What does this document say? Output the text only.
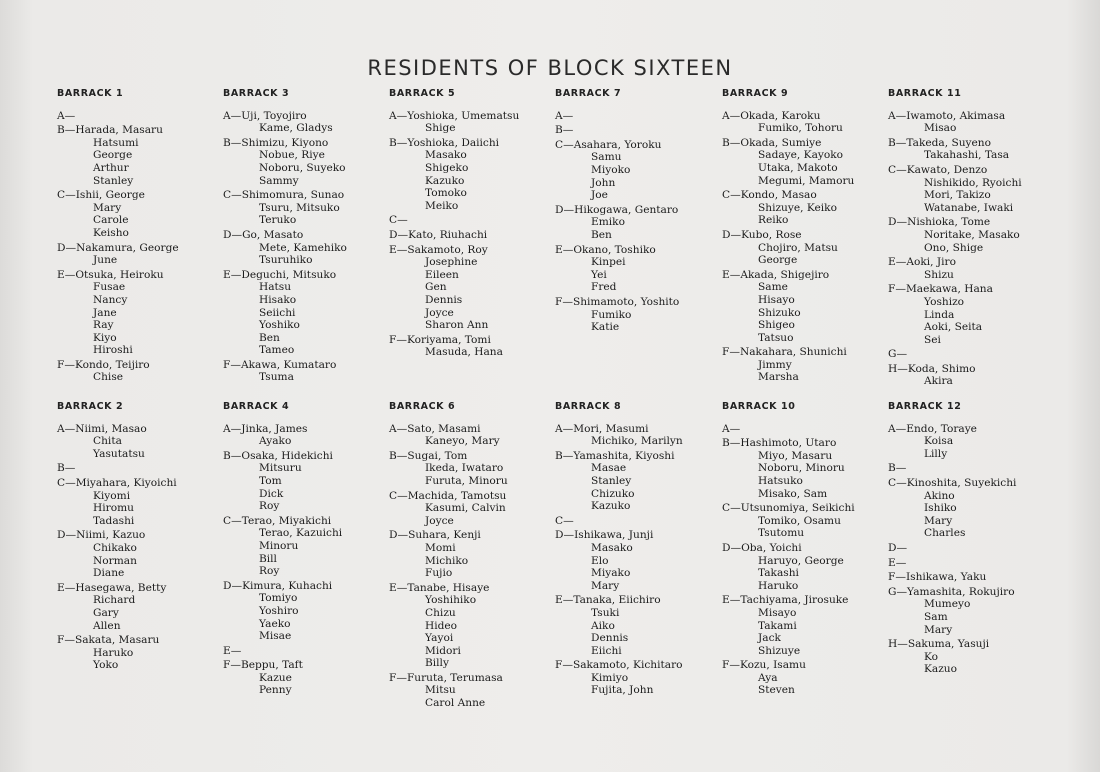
RESIDENTS OF BLOCK SIXTEEN
BARRACK 1
A—
B—Harada, Masaru
Hatsumi
George
Arthur
Stanley
C—Ishii, George
Mary
Carole
Keisho
D—Nakamura, George
June
E—Otsuka, Heiroku
Fusae
Nancy
Jane
Ray
Kiyo
Hiroshi
F—Kondo, Teijiro
Chise
BARRACK 3
A—Uji, Toyojiro
Kame, Gladys
B—Shimizu, Kiyono
Nobue, Riye
Noboru, Suyeko
Sammy
C—Shimomura, Sunao
Tsuru, Mitsuko
Teruko
D—Go, Masato
Mete, Kamehiko
Tsuruhiko
E—Deguchi, Mitsuko
Hatsu
Hisako
Seiichi
Yoshiko
Ben
Tameo
F—Akawa, Kumataro
Tsuma
BARRACK 5
A—Yoshioka, Umematsu
Shige
B—Yoshioka, Daiichi
Masako
Shigeko
Kazuko
Tomoko
Meiko
C—
D—Kato, Riuhachi
E—Sakamoto, Roy
Josephine
Eileen
Gen
Dennis
Joyce
Sharon Ann
F—Koriyama, Tomi
Masuda, Hana
BARRACK 7
A—
B—
C—Asahara, Yoroku
Samu
Miyoko
John
Joe
D—Hikogawa, Gentaro
Emiko
Ben
E—Okano, Toshiko
Kinpei
Yei
Fred
F—Shimamoto, Yoshito
Fumiko
Katie
BARRACK 9
A—Okada, Karoku
Fumiko, Tohoru
B—Okada, Sumiye
Sadaye, Kayoko
Utaka, Makoto
Megumi, Mamoru
C—Kondo, Masao
Shizuye, Keiko
Reiko
D—Kubo, Rose
Chojiro, Matsu
George
E—Akada, Shigejiro
Same
Hisayo
Shizuko
Shigeo
Tatsuo
F—Nakahara, Shunichi
Jimmy
Marsha
BARRACK 11
A—Iwamoto, Akimasa
Misao
B—Takeda, Suyeno
Takahashi, Tasa
C—Kawato, Denzo
Nishikido, Ryoichi
Mori, Takizo
Watanabe, Iwaki
D—Nishioka, Tome
Noritake, Masako
Ono, Shige
E—Aoki, Jiro
Shizu
F—Maekawa, Hana
Yoshizo
Linda
Aoki, Seita
Sei
G—
H—Koda, Shimo
Akira
BARRACK 2
A—Niimi, Masao
Chita
Yasutatsu
B—
C—Miyahara, Kiyoichi
Kiyomi
Hiromu
Tadashi
D—Niimi, Kazuo
Chikako
Norman
Diane
E—Hasegawa, Betty
Richard
Gary
Allen
F—Sakata, Masaru
Haruko
Yoko
BARRACK 4
A—Jinka, James
Ayako
B—Osaka, Hidekichi
Mitsuru
Tom
Dick
Roy
C—Terao, Miyakichi
Terao, Kazuichi
Minoru
Bill
Roy
D—Kimura, Kuhachi
Tomiyo
Yoshiro
Yaeko
Misae
E—
F—Beppu, Taft
Kazue
Penny
BARRACK 6
A—Sato, Masami
Kaneyo, Mary
B—Sugai, Tom
Ikeda, Iwataro
Furuta, Minoru
C—Machida, Tamotsu
Kasumi, Calvin
Joyce
D—Suhara, Kenji
Momi
Michiko
Fujio
E—Tanabe, Hisaye
Yoshihiko
Chizu
Hideo
Yayoi
Midori
Billy
F—Furuta, Terumasa
Mitsu
Carol Anne
BARRACK 8
A—Mori, Masumi
Michiko, Marilyn
B—Yamashita, Kiyoshi
Masae
Stanley
Chizuko
Kazuko
C—
D—Ishikawa, Junji
Masako
Elo
Miyako
Mary
E—Tanaka, Eiichiro
Tsuki
Aiko
Dennis
Eiichi
F—Sakamoto, Kichitaro
Kimiyo
Fujita, John
BARRACK 10
A—
B—Hashimoto, Utaro
Miyo, Masaru
Noboru, Minoru
Hatsuko
Misako, Sam
C—Utsunomiya, Seikichi
Tomiko, Osamu
Tsutomu
D—Oba, Yoichi
Haruyo, George
Takashi
Haruko
E—Tachiyama, Jirosuke
Misayo
Takami
Jack
Shizuye
F—Kozu, Isamu
Aya
Steven
BARRACK 12
A—Endo, Toraye
Koisa
Lilly
B—
C—Kinoshita, Suyekichi
Akino
Ishiko
Mary
Charles
D—
E—
F—Ishikawa, Yaku
G—Yamashita, Rokujiro
Mumeyo
Sam
Mary
H—Sakuma, Yasuji
Ko
Kazuo
